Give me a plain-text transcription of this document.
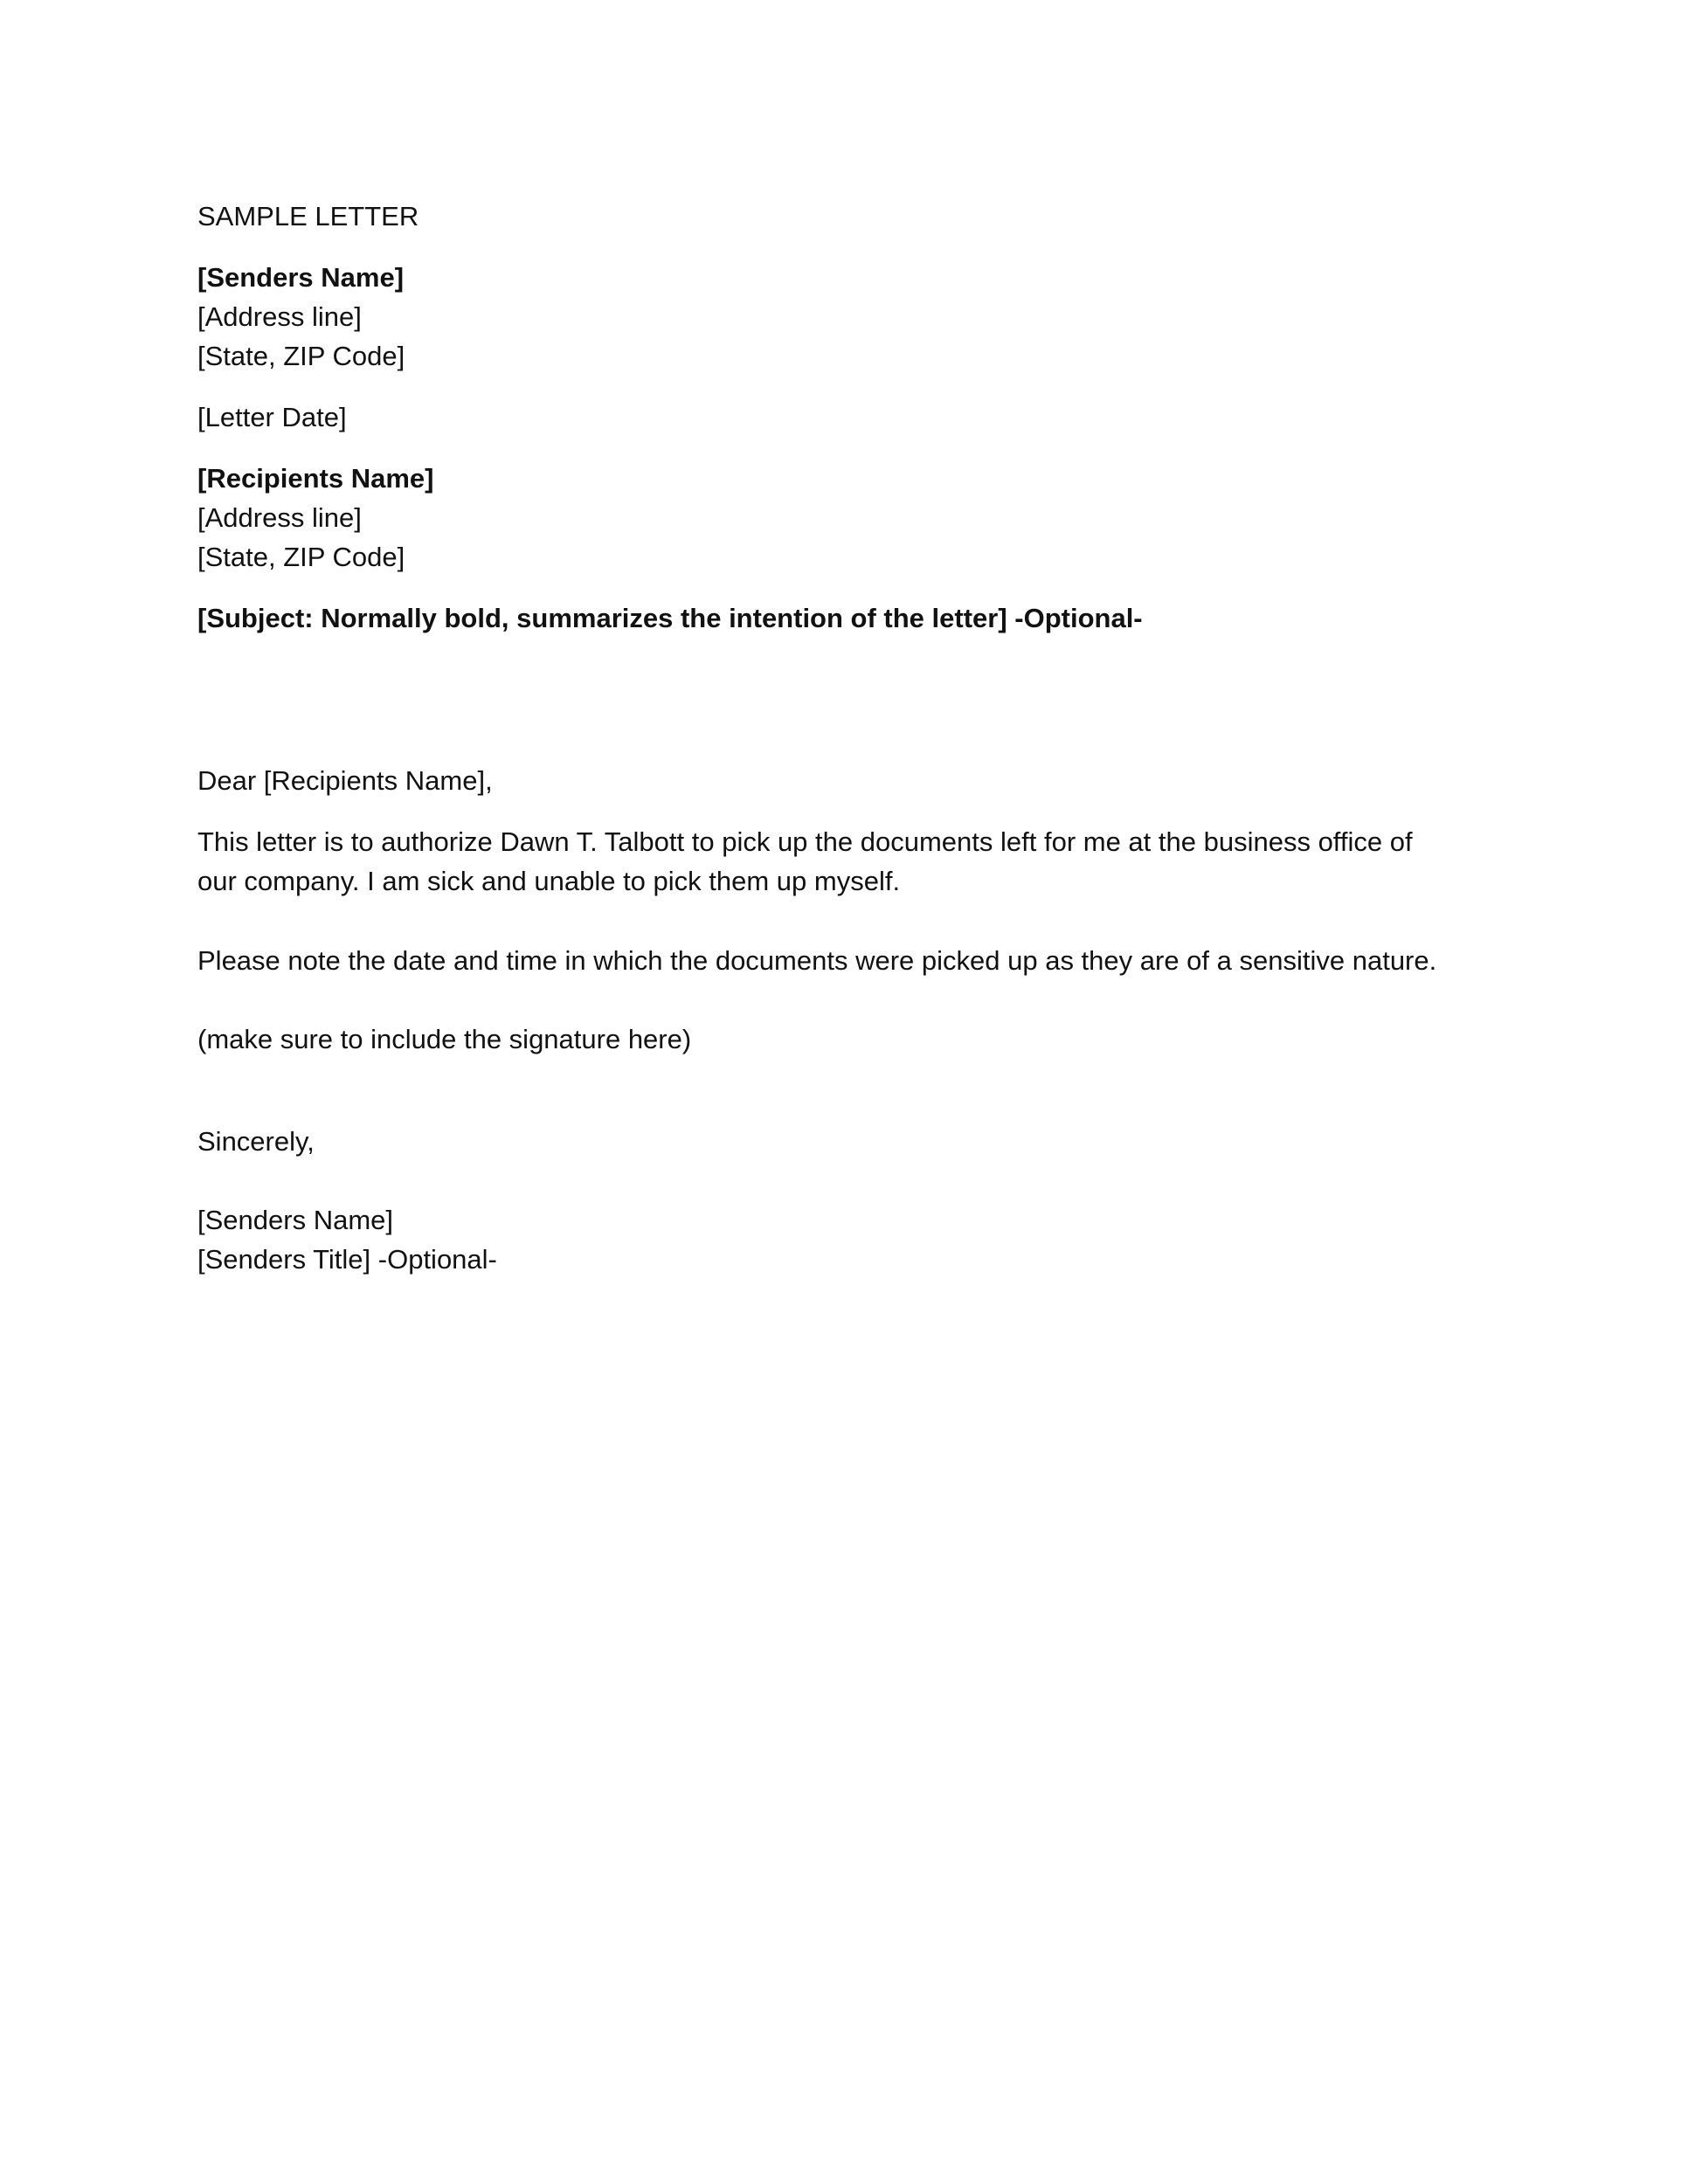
SAMPLE LETTER
[Senders Name]
[Address line]
[State, ZIP Code]
[Letter Date]
[Recipients Name]
[Address line]
[State, ZIP Code]
[Subject: Normally bold, summarizes the intention of the letter] -Optional-
Dear [Recipients Name],
This letter is to authorize Dawn T. Talbott to pick up the documents left for me at the business office of
our company. I am sick and unable to pick them up myself.
Please note the date and time in which the documents were picked up as they are of a sensitive nature.
(make sure to include the signature here)
Sincerely,
[Senders Name]
[Senders Title] -Optional-
